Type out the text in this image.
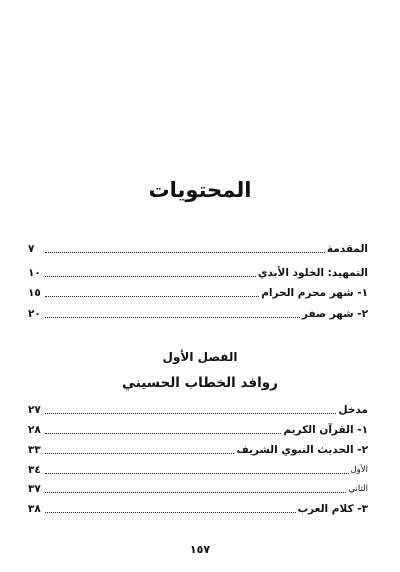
المحتويات
المقدمة
٧
التمهيد: الخلود الأبدي
١٠
١- شهر محرم الحرام
١٥
٢- شهر صفر
٢٠
الفصل الأول
روافد الخطاب الحسيني
مدخل
٢٧
١- القرآن الكريم
٢٨
٢- الحديث النبوي الشريف
٣٣
الأول
٣٤
الثاني
٣٧
٣- كلام العرب
٣٨
١٥٧
